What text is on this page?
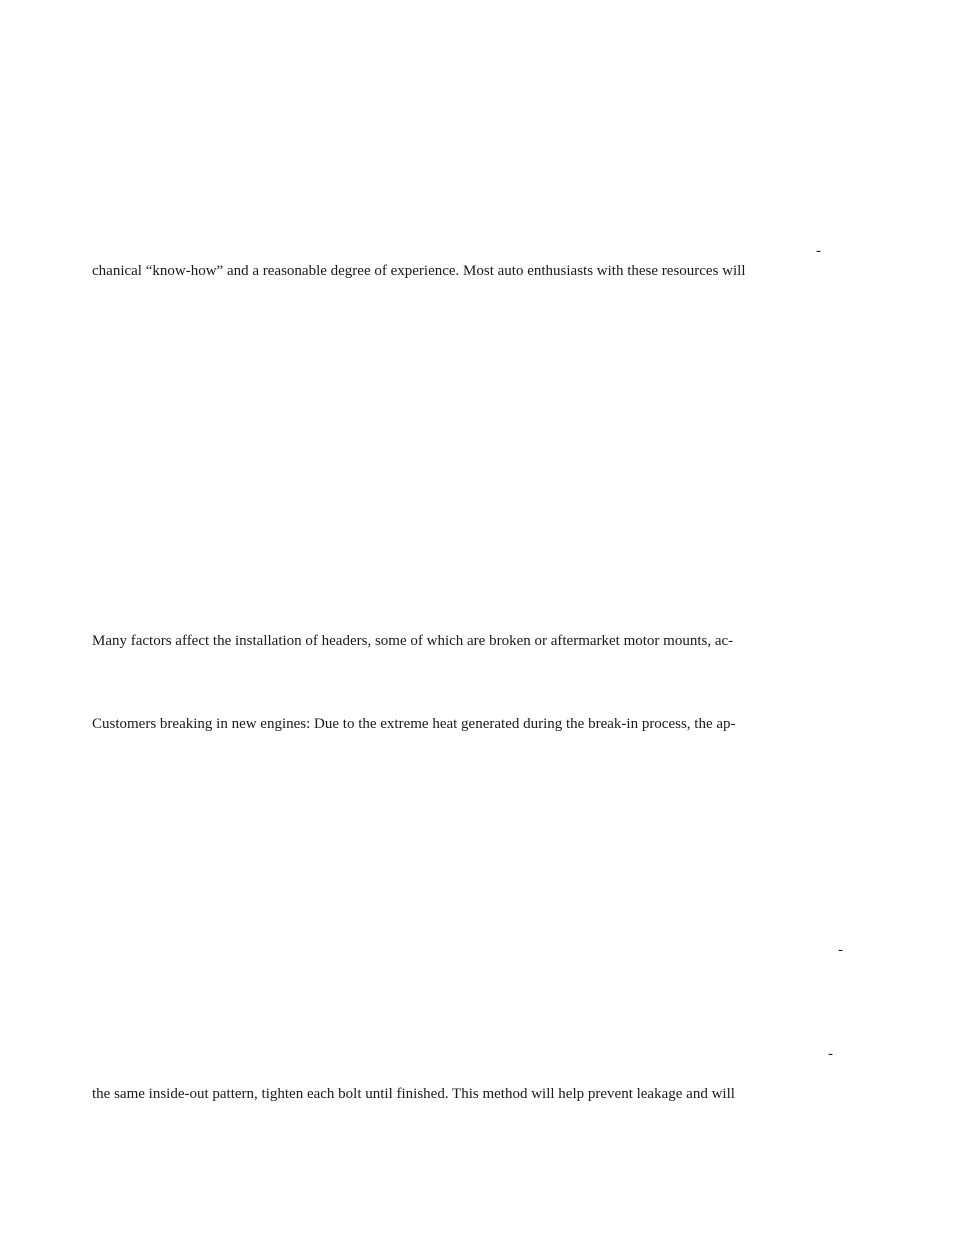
-
chanical “know-how” and a reasonable degree of experience. Most auto enthusiasts with these resources will
Many factors affect the installation of headers, some of which are broken or aftermarket motor mounts, ac-
Customers breaking in new engines: Due to the extreme heat generated during the break-in process, the ap-
-
-
the same inside-out pattern, tighten each bolt until finished. This method will help prevent leakage and will
